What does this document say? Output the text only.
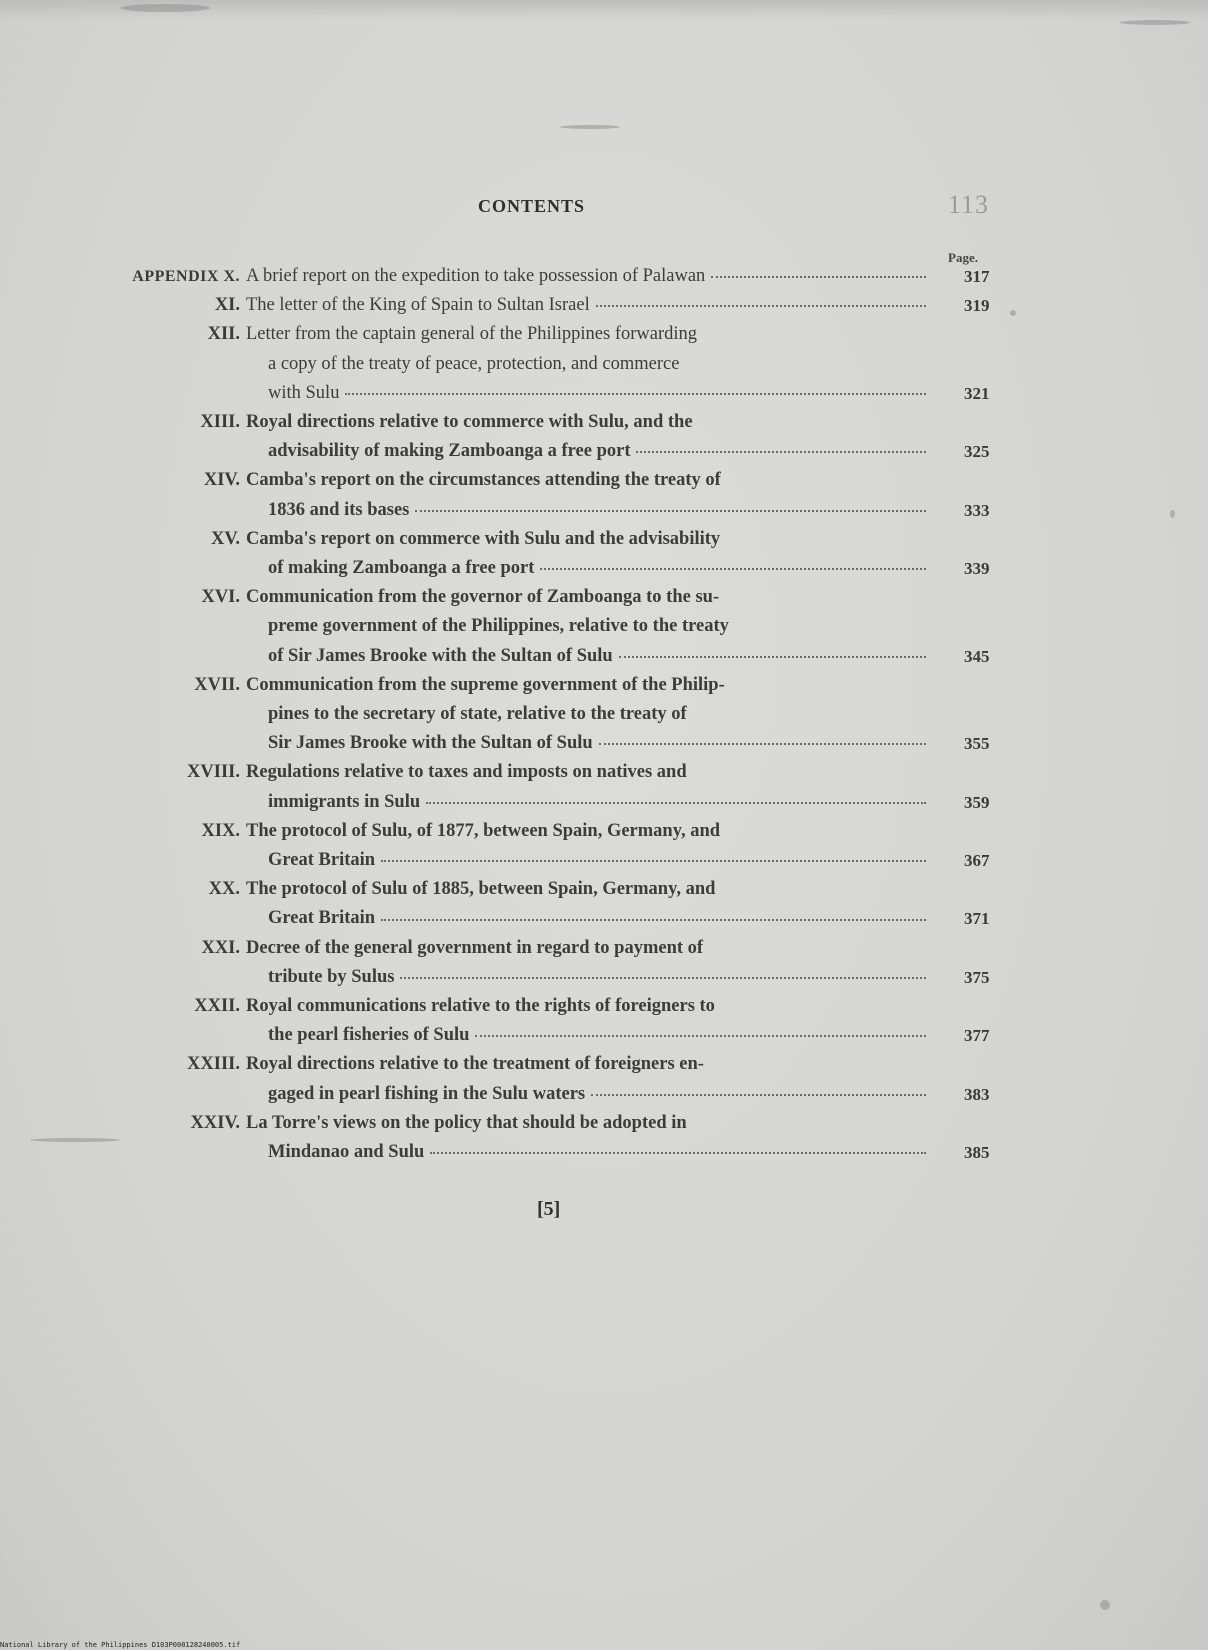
CONTENTS	113
Page.
APPENDIX X. A brief report on the expedition to take possession of Palawan	317
XI. The letter of the King of Spain to Sultan Israel	319
XII. Letter from the captain general of the Philippines forwarding
a copy of the treaty of peace, protection, and commerce
with Sulu	321
XIII. Royal directions relative to commerce with Sulu, and the
advisability of making Zamboanga a free port	325
XIV. Camba's report on the circumstances attending the treaty of
1836 and its bases	333
XV. Camba's report on commerce with Sulu and the advisability
of making Zamboanga a free port	339
XVI. Communication from the governor of Zamboanga to the su-
preme government of the Philippines, relative to the treaty
of Sir James Brooke with the Sultan of Sulu	345
XVII. Communication from the supreme government of the Philip-
pines to the secretary of state, relative to the treaty of
Sir James Brooke with the Sultan of Sulu	355
XVIII. Regulations relative to taxes and imposts on natives and
immigrants in Sulu	359
XIX. The protocol of Sulu, of 1877, between Spain, Germany, and
Great Britain	367
XX. The protocol of Sulu of 1885, between Spain, Germany, and
Great Britain	371
XXI. Decree of the general government in regard to payment of
tribute by Sulus	375
XXII. Royal communications relative to the rights of foreigners to
the pearl fisheries of Sulu	377
XXIII. Royal directions relative to the treatment of foreigners en-
gaged in pearl fishing in the Sulu waters	383
XXIV. La Torre's views on the policy that should be adopted in
Mindanao and Sulu	385
[5]
National Library of the Philippines D103P000128240005.tif
